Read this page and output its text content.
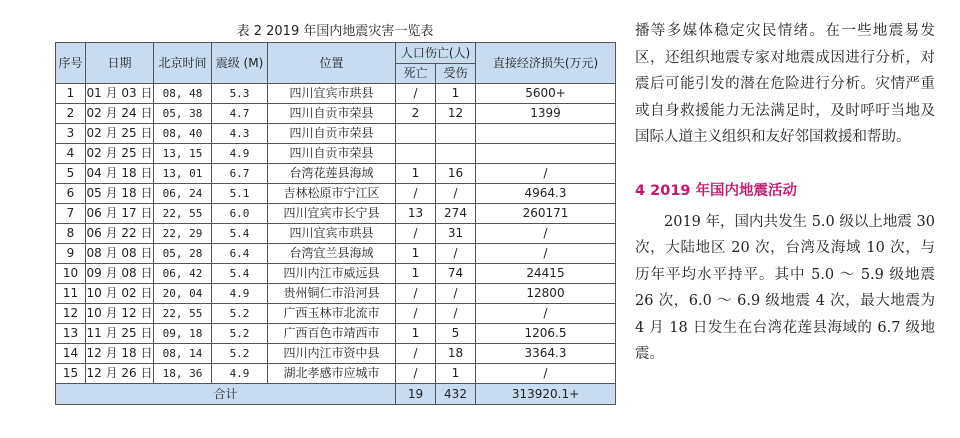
表 2 2019 年国内地震灾害一览表
序号	日期	北京时间	震级 (M)	位置	人口伤亡(人)		直接经济损失(万元)
					死亡	受伤	
1	01 月 03 日	08, 48	5.3	四川宜宾市珙县	/	1	5600+
2	02 月 24 日	05, 38	4.7	四川自贡市荣县	2	12	1399
3	02 月 25 日	08, 40	4.3	四川自贡市荣县			
4	02 月 25 日	13, 15	4.9	四川自贡市荣县			
5	04 月 18 日	13, 01	6.7	台湾花莲县海域	1	16	/
6	05 月 18 日	06, 24	5.1	吉林松原市宁江区	/	/	4964.3
7	06 月 17 日	22, 55	6.0	四川宜宾市长宁县	13	274	260171
8	06 月 22 日	22, 29	5.4	四川宜宾市珙县	/	31	/
9	08 月 08 日	05, 28	6.4	台湾宜兰县海域	1	/	/
10	09 月 08 日	06, 42	5.4	四川内江市威远县	1	74	24415
11	10 月 02 日	20, 04	4.9	贵州铜仁市沿河县	/	/	12800
12	10 月 12 日	22, 55	5.2	广西玉林市北流市	/	/	/
13	11 月 25 日	09, 18	5.2	广西百色市靖西市	1	5	1206.5
14	12 月 18 日	08, 14	5.2	四川内江市资中县	/	18	3364.3
15	12 月 26 日	18, 36	4.9	湖北孝感市应城市	/	1	/
合计					19	432	313920.1+

播等多媒体稳定灾民情绪。在一些地震易发区，还组织地震专家对地震成因进行分析，对震后可能引发的潜在危险进行分析。灾情严重或自身救援能力无法满足时，及时呼吁当地及国际人道主义组织和友好邻国救援和帮助。

4 2019 年国内地震活动

2019 年，国内共发生 5.0 级以上地震 30 次，大陆地区 20 次，台湾及海域 10 次，与历年平均水平持平。其中 5.0 ～ 5.9 级地震 26 次，6.0 ～ 6.9 级地震 4 次，最大地震为 4 月 18 日发生在台湾花莲县海域的 6.7 级地震。
